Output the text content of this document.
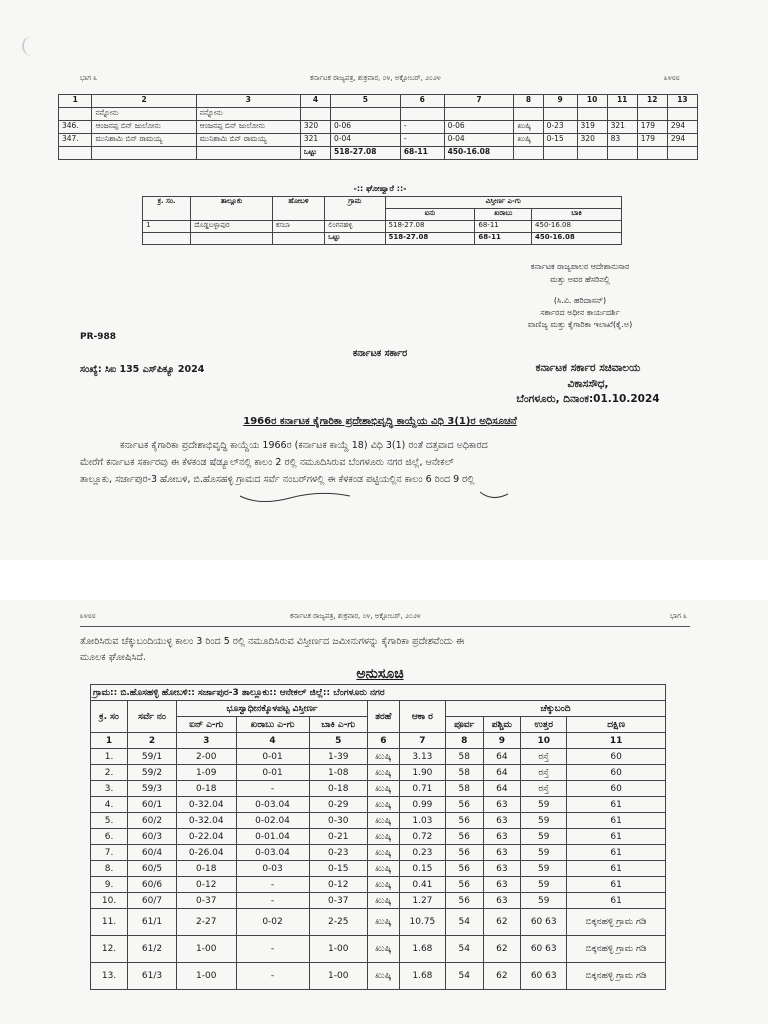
ಭಾಗ ೩	ಕರ್ನಾಟಕ ರಾಜ್ಯಪತ್ರ, ಶುಕ್ರವಾರ, ೦೪, ಅಕ್ಟೋಬರ್, ೨೦೨೪	೩೪೮೮
1	2	3	4	5	6	7	8	9	10	11	12	13
	ನನ್ನೋನು	ನನ್ನೋನು										
346.	ಆಂಜನಪ್ಪ ಬಿನ್ ಜುಲೋನು	ಆಂಜನಪ್ಪ ಬಿನ್ ಜುಲೋನು	320	0-06	-	0-06	ಖುಷ್ಕಿ	0-23	319	321	179	294
347.	ಮುನಿಶಾಮಿ ಬಿನ್ ರಾಮಯ್ಯ	ಮುನಿಶಾಮಿ ಬಿನ್ ರಾಮಯ್ಯ	321	0-04	-	0-04	ಖುಷ್ಕಿ	0-15	320	83	179	294
			ಒಟ್ಟು	518-27.08	68-11	450-16.08						
-:: ಘೋಷ್ವಾರೆ ::-
ಕ್ರ. ಸಂ.	ತಾಲ್ಲೂಕು	ಹೋಬಳಿ	ಗ್ರಾಮ	ವಿಸ್ತೀರ್ಣ ಎ-ಗು		
				ಐನು	ಖರಾಬು	ಬಾಕಿ
1	ದೊಡ್ಡಬಳ್ಳಾಪುರ	ಕಸಬಾ	ಲಿಂಗನಹಳ್ಳಿ	518-27.08	68-11	450-16.08
			ಒಟ್ಟು	518-27.08	68-11	450-16.08
ಕರ್ನಾಟಕ ರಾಜ್ಯಪಾಲರ ಆದೇಶಾನುಸಾರ
ಮತ್ತು ಅವರ ಹೆಸರಿನಲ್ಲಿ
(ಸಿ.ವಿ. ಹರಿದಾಸನ್)
ಸರ್ಕಾರದ ಅಧೀನ ಕಾರ್ಯದರ್ಶಿ
ವಾಣಿಜ್ಯ ಮತ್ತು ಕೈಗಾರಿಕಾ ಇಲಾಖೆ(ಕೈ.ಅ)
PR-988
ಕರ್ನಾಟಕ ಸರ್ಕಾರ
ಸಂಖ್ಯೆ: ಸಿಐ 135 ಎಸ್‌ಪಿಕ್ಯೂ 2024	ಕರ್ನಾಟಕ ಸರ್ಕಾರ ಸಚಿವಾಲಯ
ವಿಕಾಸಸೌಧ,
ಬೆಂಗಳೂರು, ದಿನಾಂಕ:01.10.2024
1966ರ ಕರ್ನಾಟಕ ಕೈಗಾರಿಕಾ ಪ್ರದೇಶಾಭಿವೃದ್ಧಿ ಕಾಯ್ದೆಯ ವಿಧಿ 3(1)ರ ಅಧಿಸೂಚನೆ
ಕರ್ನಾಟಕ ಕೈಗಾರಿಕಾ ಪ್ರದೇಶಾಭಿವೃದ್ಧಿ ಕಾಯ್ದೆಯ 1966ರ (ಕರ್ನಾಟಕ ಕಾಯ್ದೆ 18) ವಿಧಿ 3(1) ರಂತೆ ದತ್ತವಾದ ಅಧಿಕಾರದ
ಮೇರೆಗೆ ಕರ್ನಾಟಕ ಸರ್ಕಾರವು ಈ ಕೆಳಕಂಡ ಷೆಡ್ಯೂಲ್‌ನಲ್ಲಿ ಕಾಲಂ 2 ರಲ್ಲಿ ನಮೂದಿಸಿರುವ ಬೆಂಗಳೂರು ನಗರ ಜಿಲ್ಲೆ, ಆನೇಕಲ್
ತಾಲ್ಲೂಕು, ಸರ್ಜಾಪುರ-3 ಹೋಬಳಿ, ಬಿ.ಹೊಸಹಳ್ಳಿ ಗ್ರಾಮದ ಸರ್ವೆ ನಂಬರ್‌ಗಳಲ್ಲಿ ಈ ಕೆಳಕಂಡ ಪಟ್ಟಿಯಲ್ಲಿನ ಕಾಲಂ 6 ರಿಂದ 9 ರಲ್ಲಿ
೩೪೮೮	ಕರ್ನಾಟಕ ರಾಜ್ಯಪತ್ರ, ಶುಕ್ರವಾರ, ೦೪, ಅಕ್ಟೋಬರ್, ೨೦೨೪	ಭಾಗ ೩
ತೋರಿಸಿರುವ ಚೆಕ್ಕುಬಂದಿಯುಳ್ಳ ಕಾಲಂ 3 ರಿಂದ 5 ರಲ್ಲಿ ನಮೂದಿಸಿರುವ ವಿಸ್ತೀರ್ಣದ ಜಮೀನುಗಳನ್ನು ಕೈಗಾರಿಕಾ ಪ್ರದೇಶವೆಂದು ಈ
ಮೂಲಕ ಘೋಷಿಸಿದೆ.
ಅನುಸೂಚಿ
ಗ್ರಾಮ:: ಬಿ.ಹೊಸಹಳ್ಳಿ ಹೋಬಳಿ:: ಸರ್ಜಾಪುರ-3 ತಾಲ್ಲೂಕು:: ಆನೇಕಲ್ ಜಿಲ್ಲೆ:: ಬೆಂಗಳೂರು ನಗರ										
ಕ್ರ. ಸಂ	ಸರ್ವೆ ನಂ	ಭೂಸ್ವಾಧೀನಕ್ಕೊಳಪಟ್ಟ ವಿಸ್ತೀರ್ಣ			ತರಹೆ	ಆಕಾ ರ	ಚೆಕ್ಕುಬಂದಿ			
		ಐನ್ ಎ-ಗು	ಖರಾಬು ಎ-ಗು	ಬಾಕಿ ಎ-ಗು			ಪೂರ್ವ	ಪಶ್ಚಿಮ	ಉತ್ತರ	ದಕ್ಷಿಣ
1	2	3	4	5	6	7	8	9	10	11
1.	59/1	2-00	0-01	1-39	ಖುಷ್ಕಿ	3.13	58	64	ರಸ್ತೆ	60
2.	59/2	1-09	0-01	1-08	ಖುಷ್ಕಿ	1.90	58	64	ರಸ್ತೆ	60
3.	59/3	0-18	-	0-18	ಖುಷ್ಕಿ	0.71	58	64	ರಸ್ತೆ	60
4.	60/1	0-32.04	0-03.04	0-29	ಖುಷ್ಕಿ	0.99	56	63	59	61
5.	60/2	0-32.04	0-02.04	0-30	ಖುಷ್ಕಿ	1.03	56	63	59	61
6.	60/3	0-22.04	0-01.04	0-21	ಖುಷ್ಕಿ	0.72	56	63	59	61
7.	60/4	0-26.04	0-03.04	0-23	ಖುಷ್ಕಿ	0.23	56	63	59	61
8.	60/5	0-18	0-03	0-15	ಖುಷ್ಕಿ	0.15	56	63	59	61
9.	60/6	0-12	-	0-12	ಖುಷ್ಕಿ	0.41	56	63	59	61
10.	60/7	0-37	-	0-37	ಖುಷ್ಕಿ	1.27	56	63	59	61
11.	61/1	2-27	0-02	2-25	ಖುಷ್ಕಿ	10.75	54	62	60 63	ಬಿಕ್ಕನಹಳ್ಳಿ ಗ್ರಾಮ ಗಡಿ
12.	61/2	1-00	-	1-00	ಖುಷ್ಕಿ	1.68	54	62	60 63	ಬಿಕ್ಕನಹಳ್ಳಿ ಗ್ರಾಮ ಗಡಿ
13.	61/3	1-00	-	1-00	ಖುಷ್ಕಿ	1.68	54	62	60 63	ಬಿಕ್ಕನಹಳ್ಳಿ ಗ್ರಾಮ ಗಡಿ
